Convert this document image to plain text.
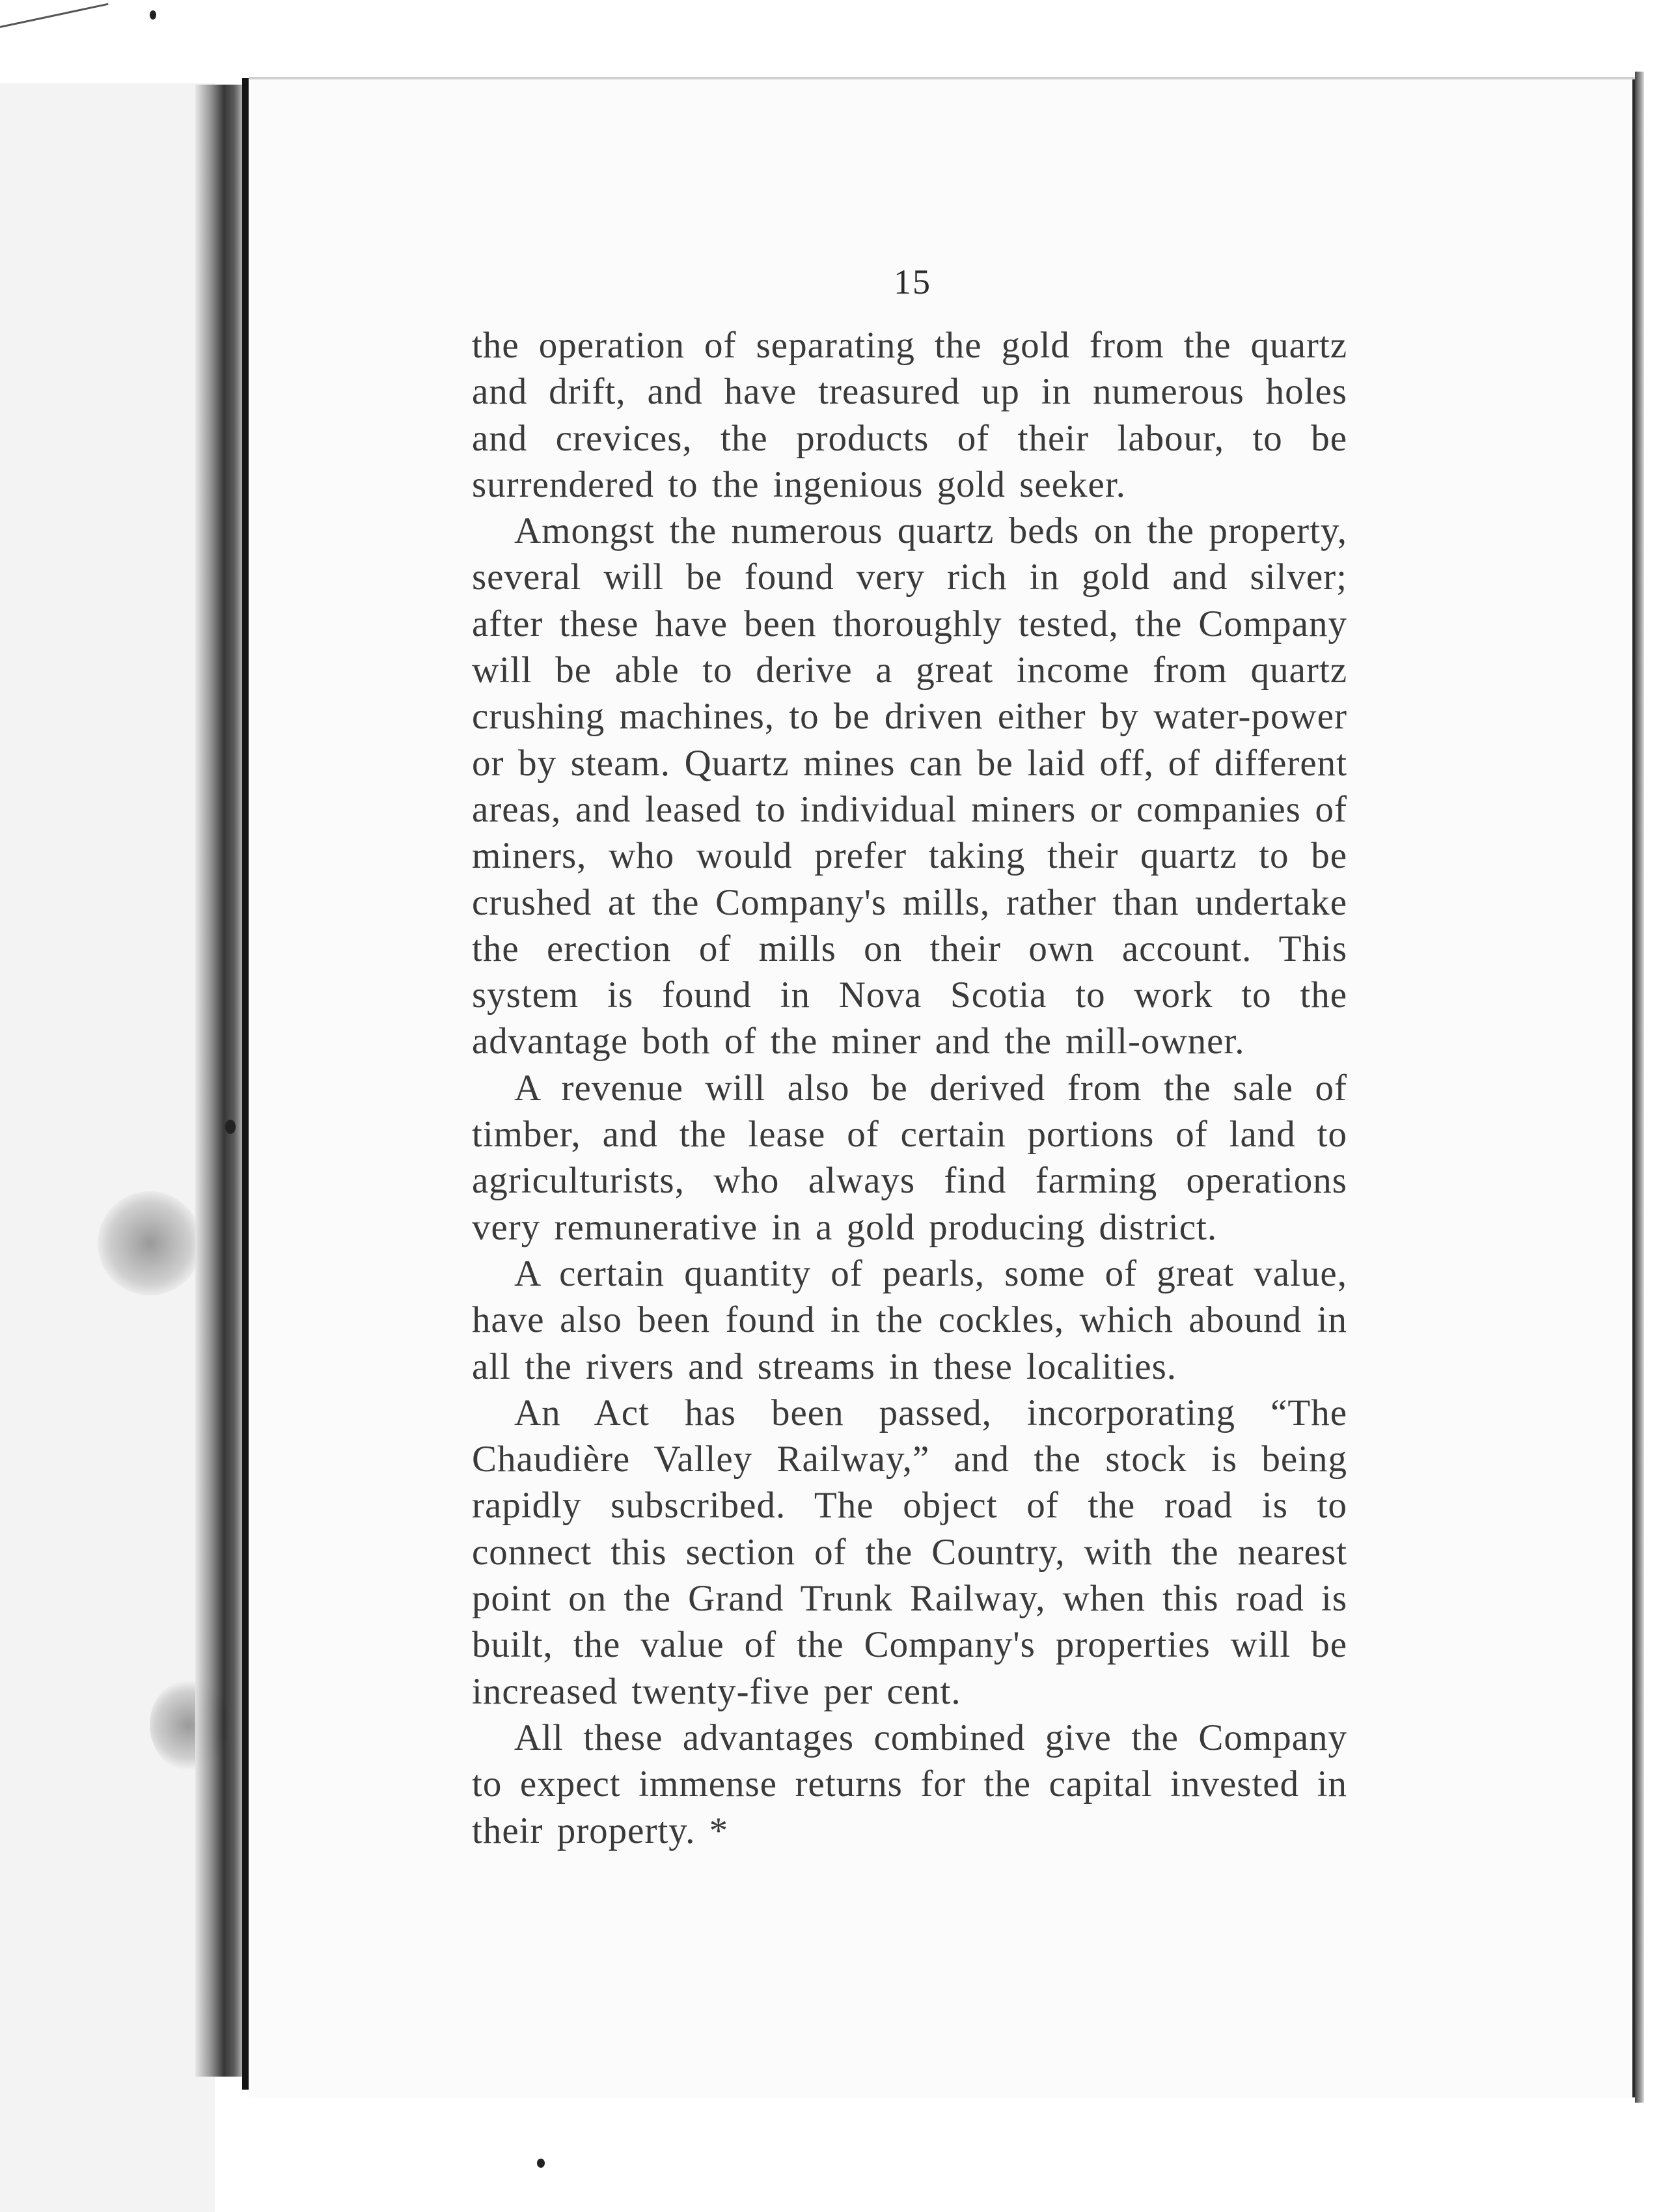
15

the operation of separating the gold from the quartz and drift, and have treasured up in numerous holes and crevices, the products of their labour, to be surrendered to the ingenious gold seeker.

Amongst the numerous quartz beds on the property, several will be found very rich in gold and silver; after these have been thoroughly tested, the Company will be able to derive a great income from quartz crushing machines, to be driven either by water-power or by steam. Quartz mines can be laid off, of different areas, and leased to individual miners or companies of miners, who would prefer taking their quartz to be crushed at the Company's mills, rather than undertake the erection of mills on their own account. This system is found in Nova Scotia to work to the advantage both of the miner and the mill-owner.

A revenue will also be derived from the sale of timber, and the lease of certain portions of land to agriculturists, who always find farming operations very remunerative in a gold producing district.

A certain quantity of pearls, some of great value, have also been found in the cockles, which abound in all the rivers and streams in these localities.

An Act has been passed, incorporating “The Chaudière Valley Railway,” and the stock is being rapidly subscribed. The object of the road is to connect this section of the Country, with the nearest point on the Grand Trunk Railway, when this road is built, the value of the Company's properties will be increased twenty-five per cent.

All these advantages combined give the Company to expect immense returns for the capital invested in their property. *
